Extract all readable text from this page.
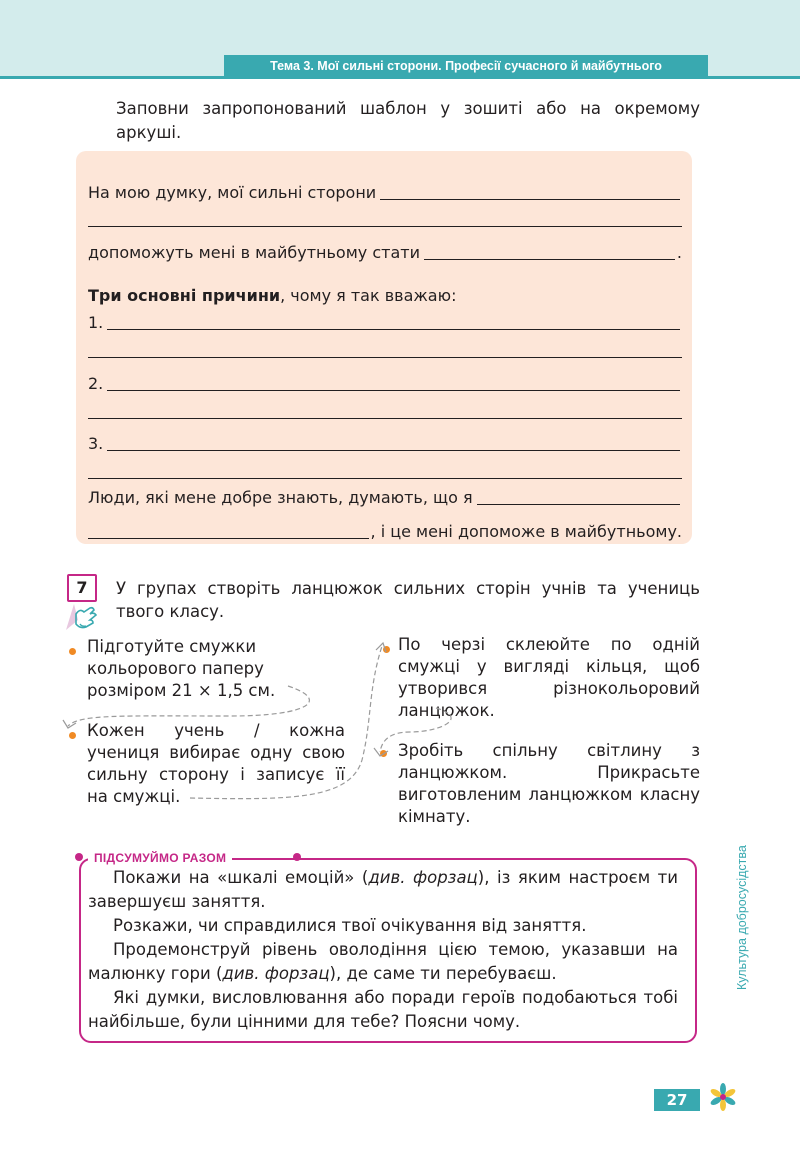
Тема 3. Мої сильні сторони. Професії сучасного й майбутнього

Заповни запропонований шаблон у зошиті або на окремому аркуші.

На мою думку, мої сильні сторони
допоможуть мені в майбутньому стати	.
Три основні причини , чому я так вважаю:
1.
2.
3.
Люди, які мене добре знають, думають, що я
, і це мені допоможе в майбутньому.
7	У групах створіть ланцюжок сильних сторін учнів та учениць твого класу.

Підготуйте смужки кольорового паперу розміром 21 × 1,5 см.

Кожен учень / кожна учениця вибирає одну свою сильну сторону і записує її на смужці.

По черзі склеюйте по одній смужці у вигляді кільця, щоб утворився різнокольоровий ланцюжок.

Зробіть спільну світлину з ланцюжком. Прикрасьте виготовленим ланцюжком класну кімнату.

ПІДСУМУЙМО РАЗОМ

Покажи на «шкалі емоцій» (див. форзац), із яким настроєм ти завершуєш заняття.

Розкажи, чи справдилися твої очікування від заняття.

Продемонструй рівень оволодіння цією темою, указавши на малюнку гори (див. форзац), де саме ти перебуваєш.

Які думки, висловлювання або поради героїв подобаються тобі найбільше, були цінними для тебе? Поясни чому.

Культура добросусідства
27
